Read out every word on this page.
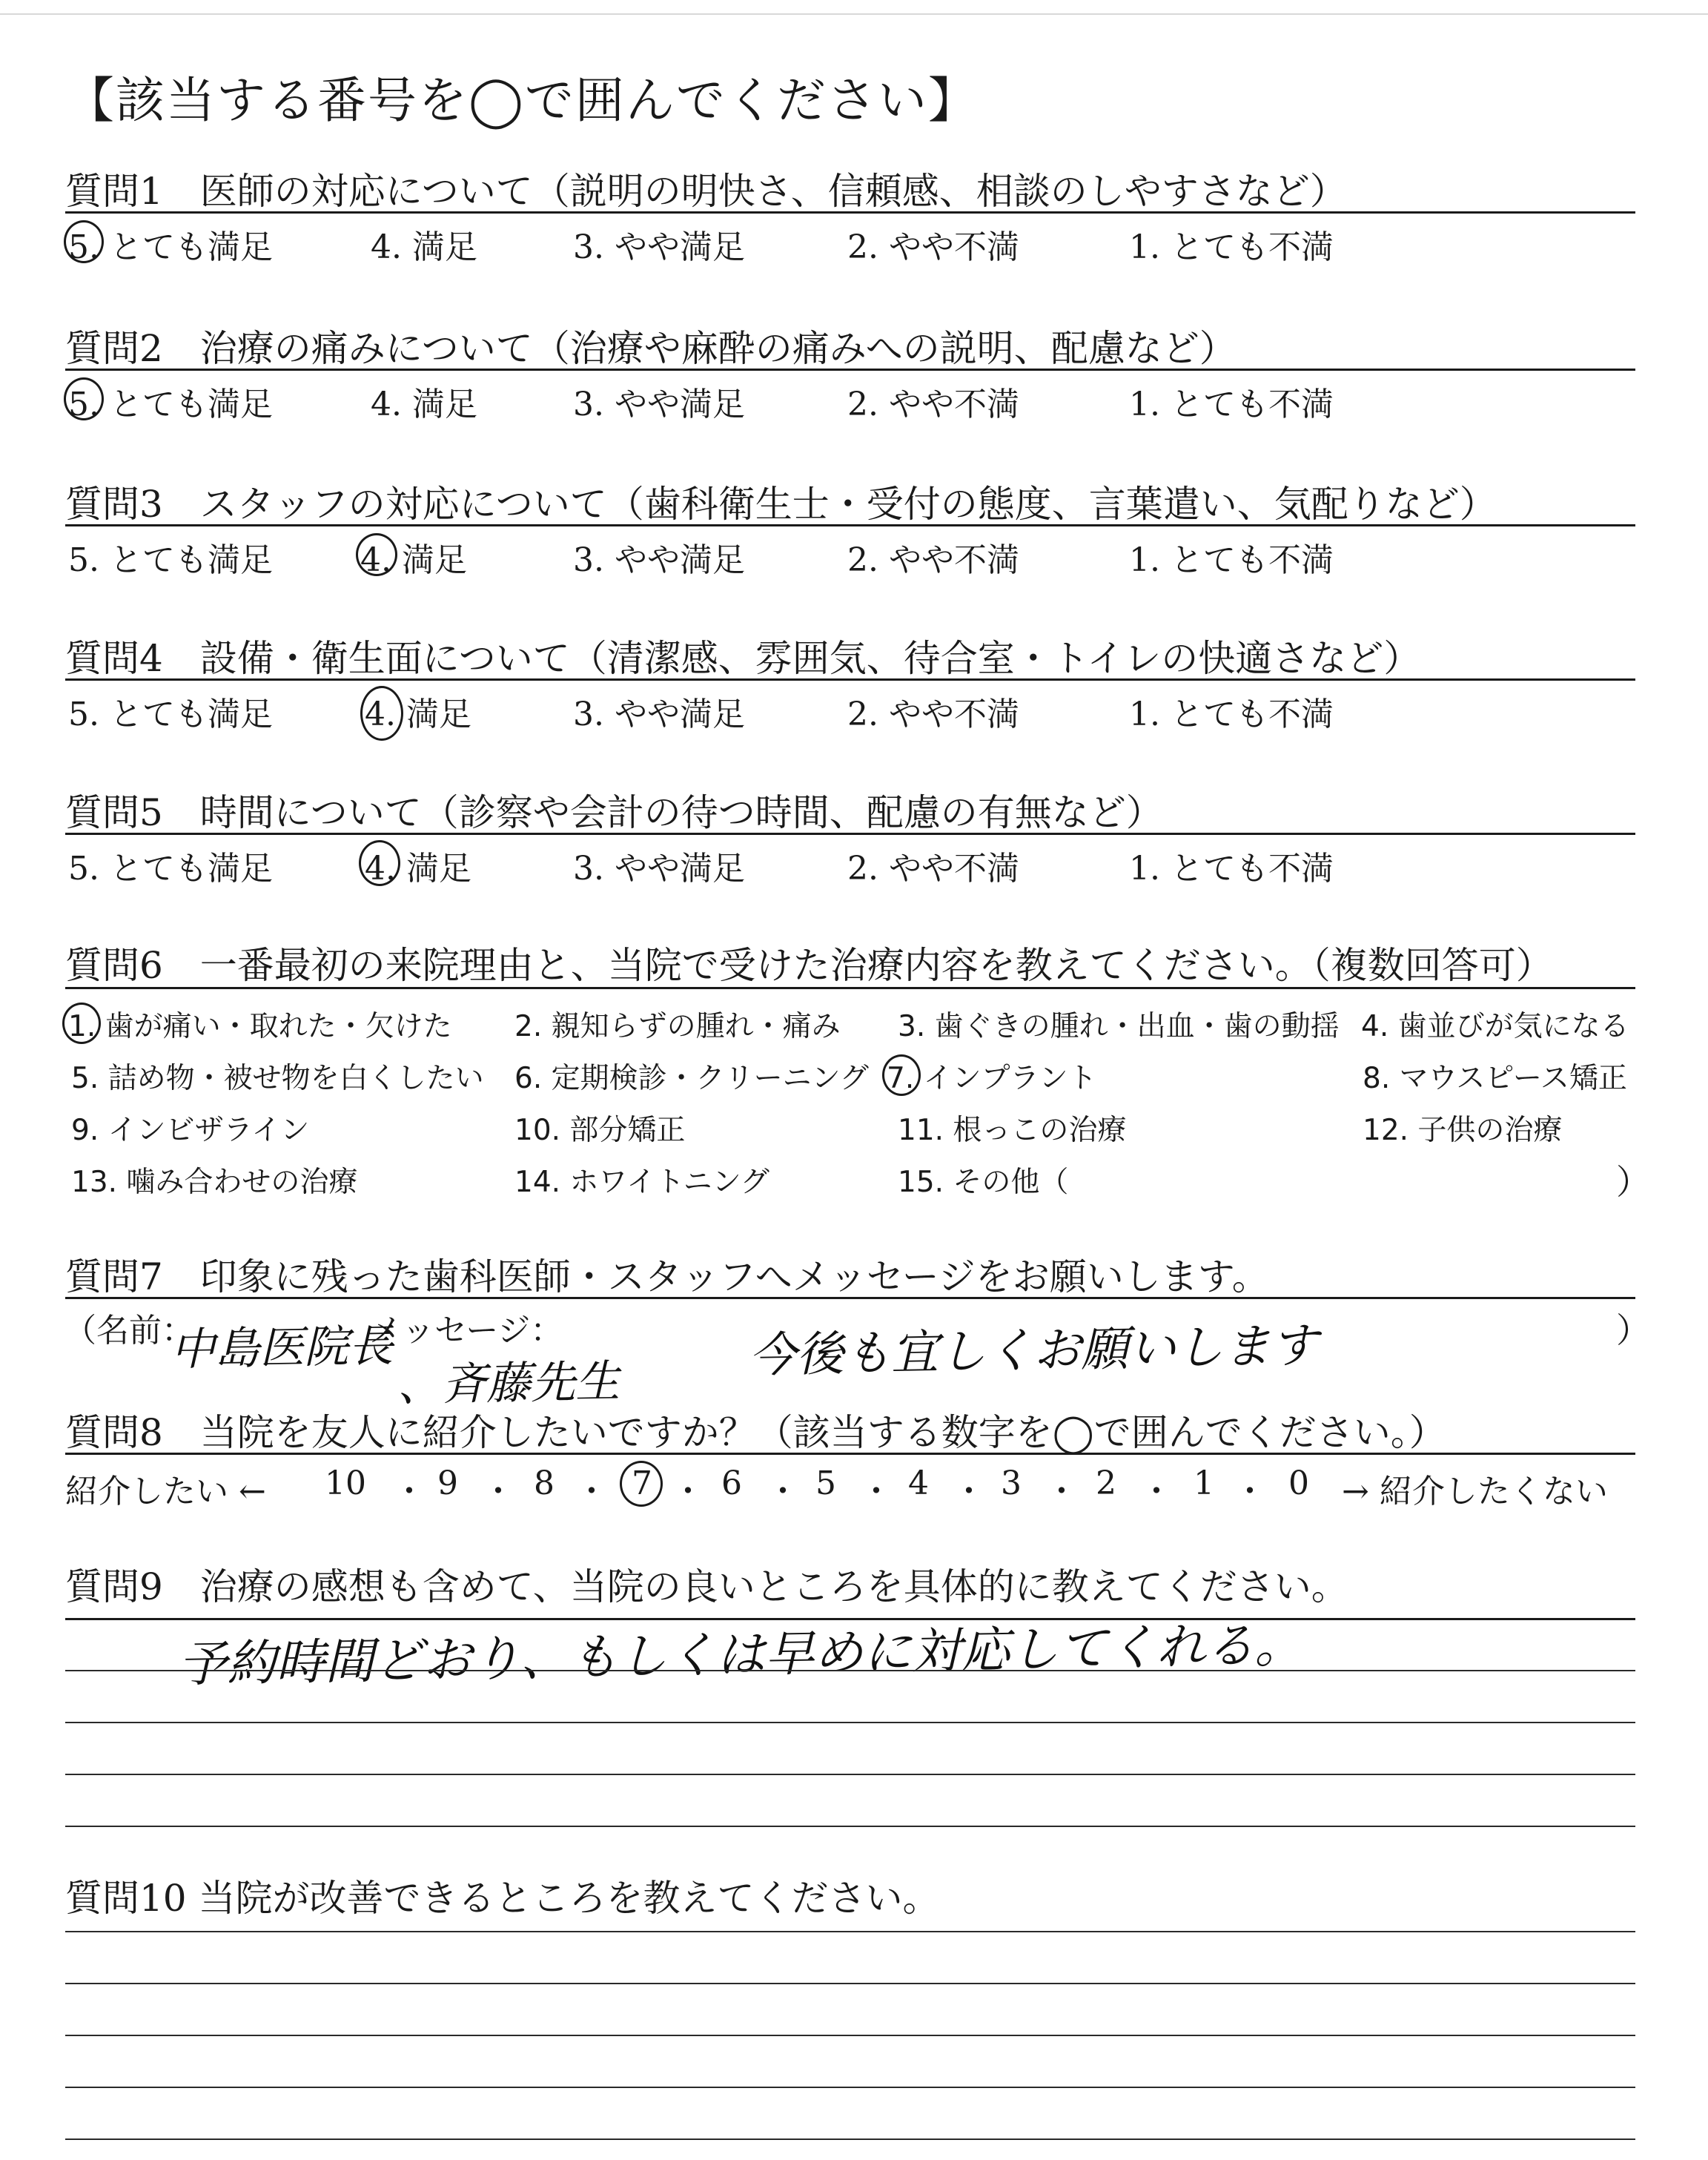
【該当する番号を◯で囲んでください】
質問1　医師の対応について（説明の明快さ、信頼感、相談のしやすさなど）
5. とても満足	4. 満足	3. やや満足	2. やや不満	1. とても不満
質問2　治療の痛みについて（治療や麻酔の痛みへの説明、配慮など）
5. とても満足	4. 満足	3. やや満足	2. やや不満	1. とても不満
質問3　スタッフの対応について（歯科衛生士・受付の態度、言葉遣い、気配りなど）
5. とても満足	4. 満足	3. やや満足	2. やや不満	1. とても不満
質問4　設備・衛生面について（清潔感、雰囲気、待合室・トイレの快適さなど）
5. とても満足	4. 満足	3. やや満足	2. やや不満	1. とても不満
質問5　時間について（診察や会計の待つ時間、配慮の有無など）
5. とても満足	4. 満足	3. やや満足	2. やや不満	1. とても不満
質問6　一番最初の来院理由と、当院で受けた治療内容を教えてください。（複数回答可）
1. 歯が痛い・取れた・欠けた 2. 親知らずの腫れ・痛み 3. 歯ぐきの腫れ・出血・歯の動揺 4. 歯並びが気になる
5. 詰め物・被せ物を白くしたい 6. 定期検診・クリーニング 7. インプラント	8. マウスピース矯正
9. インビザライン	10. 部分矯正	11. 根っこの治療	12. 子供の治療
13. 噛み合わせの治療	14. ホワイトニング	15. その他（	）
質問7　印象に残った歯科医師・スタッフへメッセージをお願いします。
（名前：	メッセージ：	）
中島医院長
、斉藤先生
今後も宜しくお願いします
質問8　当院を友人に紹介したいですか？（該当する数字を◯で囲んでください。）
紹介したい ← 10 ・ 9 ・ 8 ・ 7 ・ 6 ・ 5 ・ 4 ・ 3 ・ 2 ・ 1 ・ 0 → 紹介したくない
質問9　治療の感想も含めて、当院の良いところを具体的に教えてください。
予約時間どおり、もしくは早めに対応してくれる。
質問10 当院が改善できるところを教えてください。
